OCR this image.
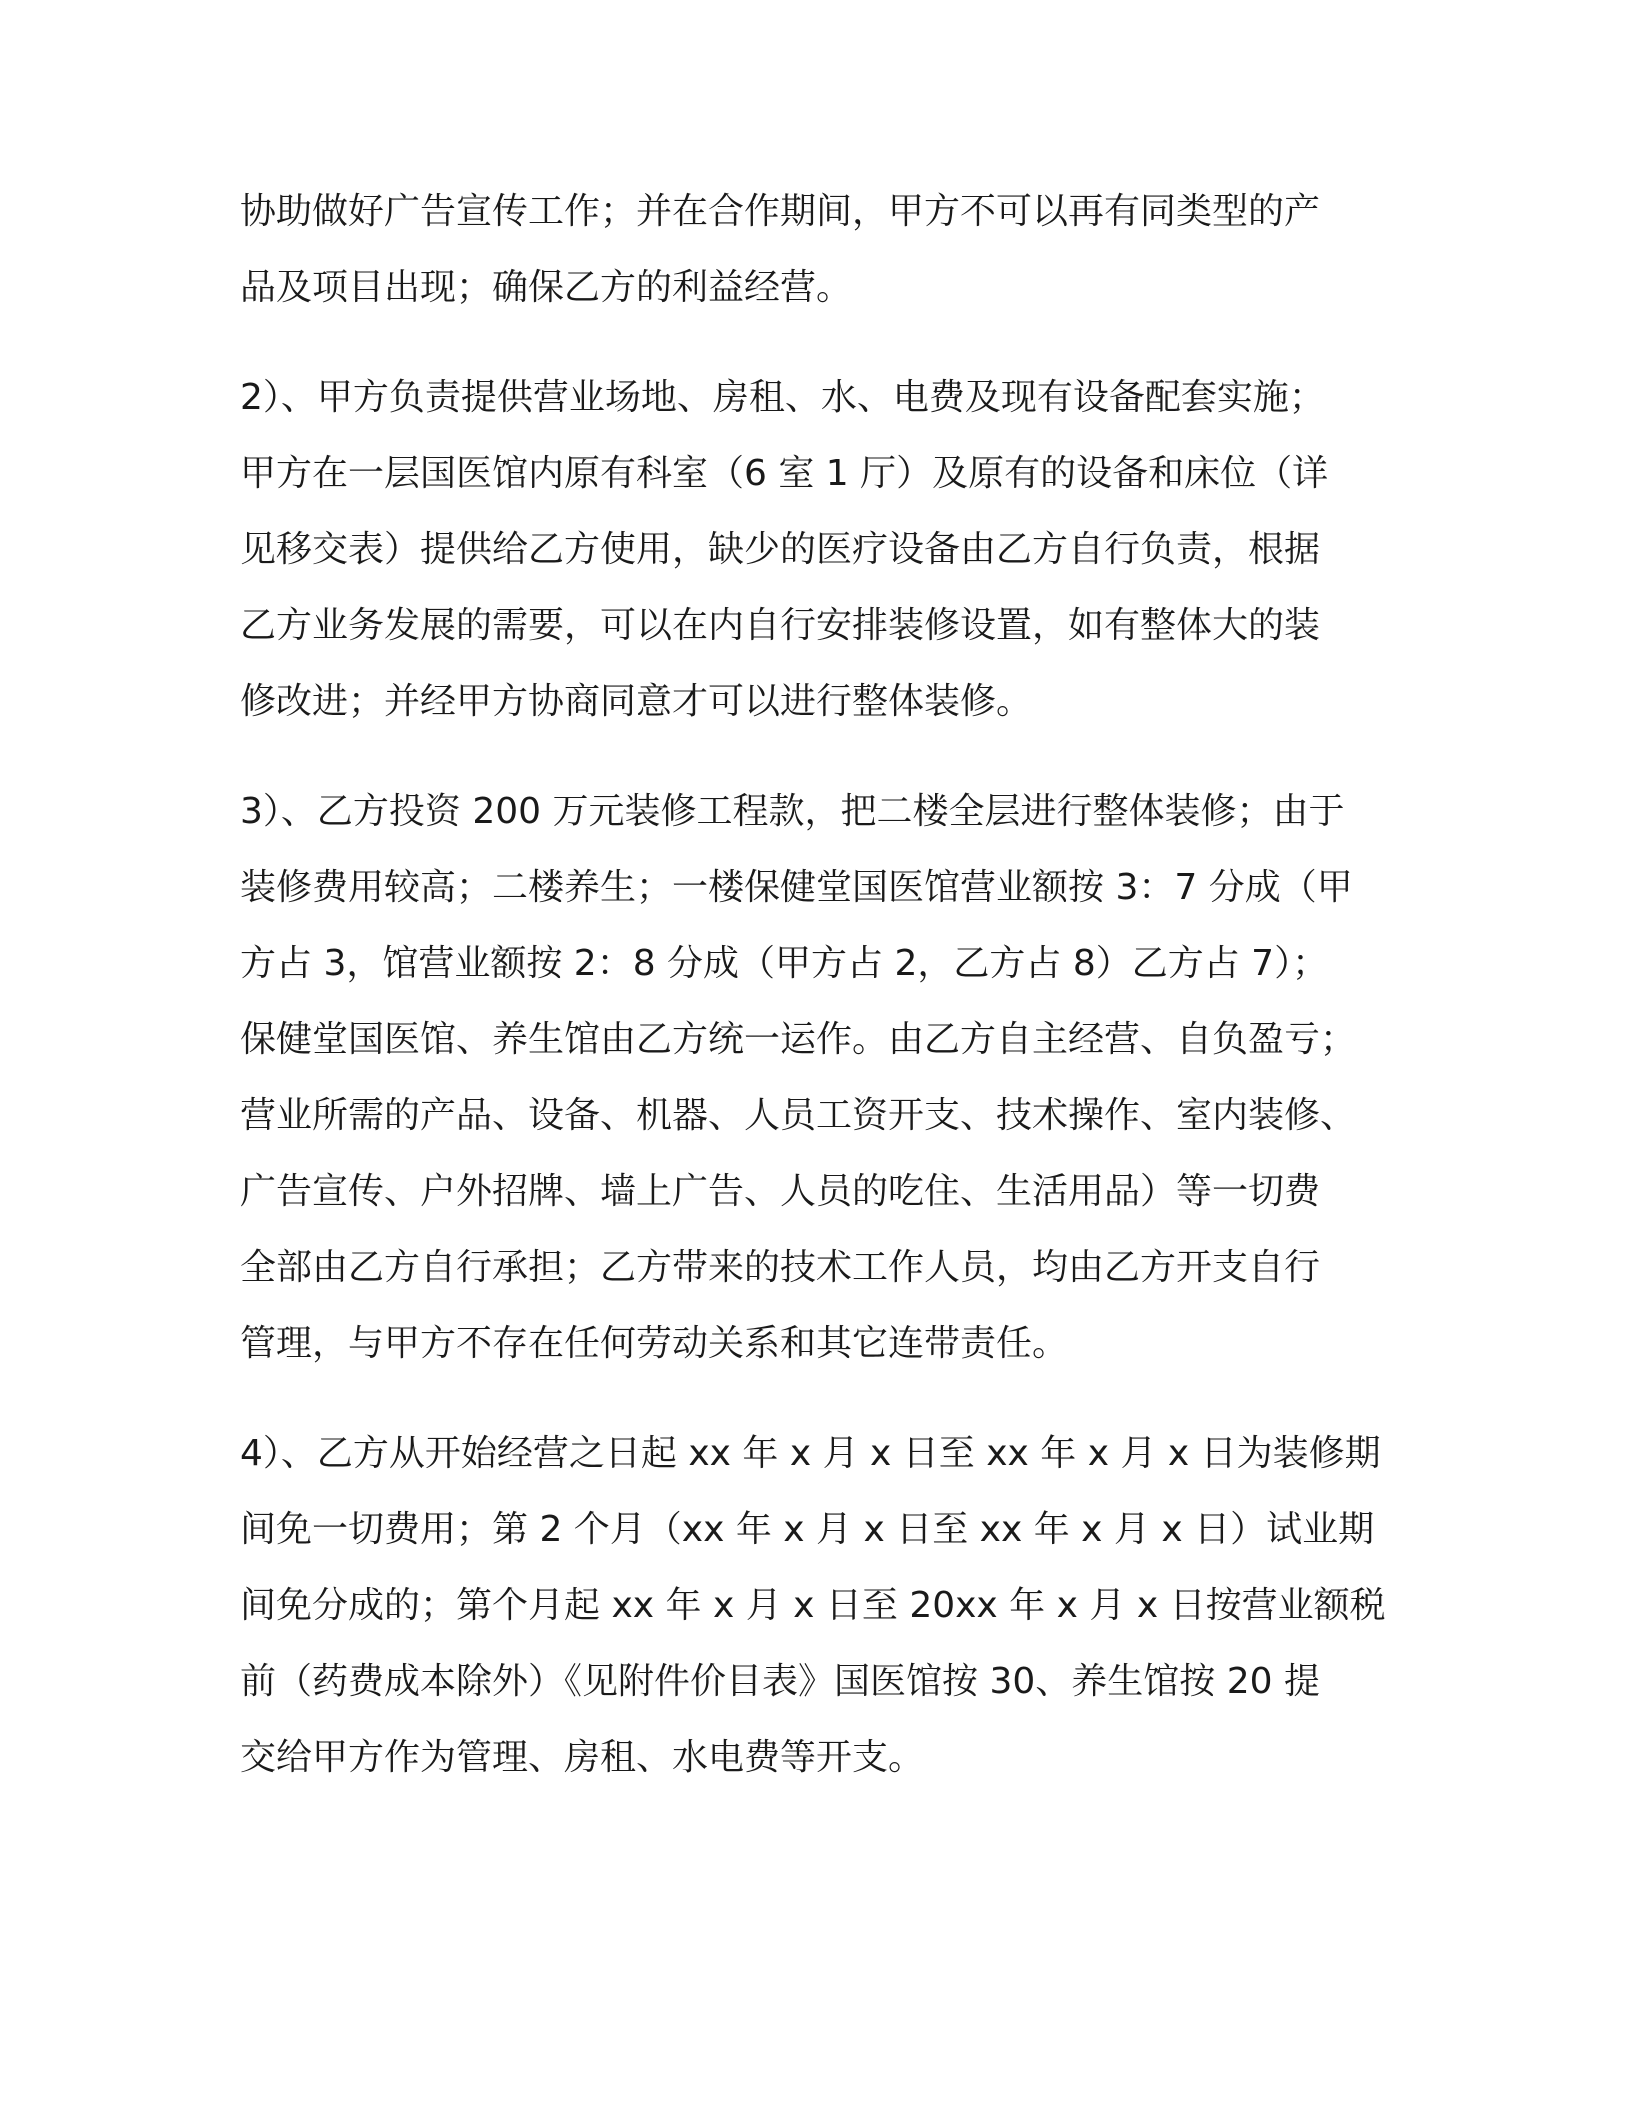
协助做好广告宣传工作；并在合作期间，甲方不可以再有同类型的产
品及项目出现；确保乙方的利益经营。
2）、甲方负责提供营业场地、房租、水、电费及现有设备配套实施；
甲方在一层国医馆内原有科室（6 室 1 厅）及原有的设备和床位（详
见移交表）提供给乙方使用，缺少的医疗设备由乙方自行负责，根据
乙方业务发展的需要，可以在内自行安排装修设置，如有整体大的装
修改进；并经甲方协商同意才可以进行整体装修。
3）、乙方投资 200 万元装修工程款，把二楼全层进行整体装修；由于
装修费用较高；二楼养生；一楼保健堂国医馆营业额按 3：7 分成（甲
方占 3，馆营业额按 2：8 分成（甲方占 2，乙方占 8）乙方占 7）；
保健堂国医馆、养生馆由乙方统一运作。由乙方自主经营、自负盈亏；
营业所需的产品、设备、机器、人员工资开支、技术操作、室内装修、
广告宣传、户外招牌、墙上广告、人员的吃住、生活用品）等一切费
全部由乙方自行承担；乙方带来的技术工作人员，均由乙方开支自行
管理，与甲方不存在任何劳动关系和其它连带责任。
4）、乙方从开始经营之日起 xx 年 x 月 x 日至 xx 年 x 月 x 日为装修期
间免一切费用；第 2 个月（xx 年 x 月 x 日至 xx 年 x 月 x 日）试业期
间免分成的；第个月起 xx 年 x 月 x 日至 20xx 年 x 月 x 日按营业额税
前（药费成本除外）《见附件价目表》国医馆按 30、养生馆按 20 提
交给甲方作为管理、房租、水电费等开支。
